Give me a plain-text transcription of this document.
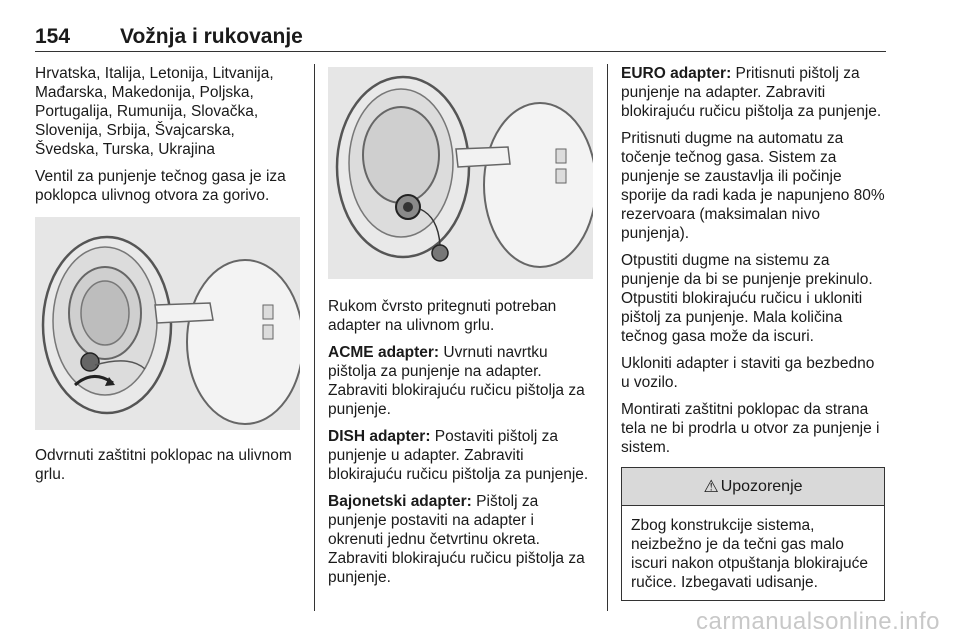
154 Vožnja i rukovanje

Hrvatska, Italija, Letonija, Litvanija, Mađarska, Makedonija, Poljska, Portugalija, Rumunija, Slovačka, Slovenija, Srbija, Švajcarska, Švedska, Turska, Ukrajina

Ventil za punjenje tečnog gasa je iza poklopca ulivnog otvora za gorivo.

Odvrnuti zaštitni poklopac na ulivnom grlu.

Rukom čvrsto pritegnuti potreban adapter na ulivnom grlu.

ACME adapter: Uvrnuti navrtku pištolja za punjenje na adapter. Zabraviti blokirajuću ručicu pištolja za punjenje.

DISH adapter: Postaviti pištolj za punjenje u adapter. Zabraviti blokirajuću ručicu pištolja za punjenje.

Bajonetski adapter: Pištolj za punjenje postaviti na adapter i okrenuti jednu četvrtinu okreta. Zabraviti blokirajuću ručicu pištolja za punjenje.

EURO adapter: Pritisnuti pištolj za punjenje na adapter. Zabraviti blokirajuću ručicu pištolja za punjenje.

Pritisnuti dugme na automatu za točenje tečnog gasa. Sistem za punjenje se zaustavlja ili počinje sporije da radi kada je napunjeno 80% rezervoara (maksimalan nivo punjenja).

Otpustiti dugme na sistemu za punjenje da bi se punjenje prekinulo. Otpustiti blokirajuću ručicu i ukloniti pištolj za punjenje. Mala količina tečnog gasa može da iscuri.

Ukloniti adapter i staviti ga bezbedno u vozilo.

Montirati zaštitni poklopac da strana tela ne bi prodrla u otvor za punjenje i sistem.

⚠ Upozorenje

Zbog konstrukcije sistema, neizbežno je da tečni gas malo iscuri nakon otpuštanja blokirajuće ručice. Izbegavati udisanje.

carmanualsonline.info
